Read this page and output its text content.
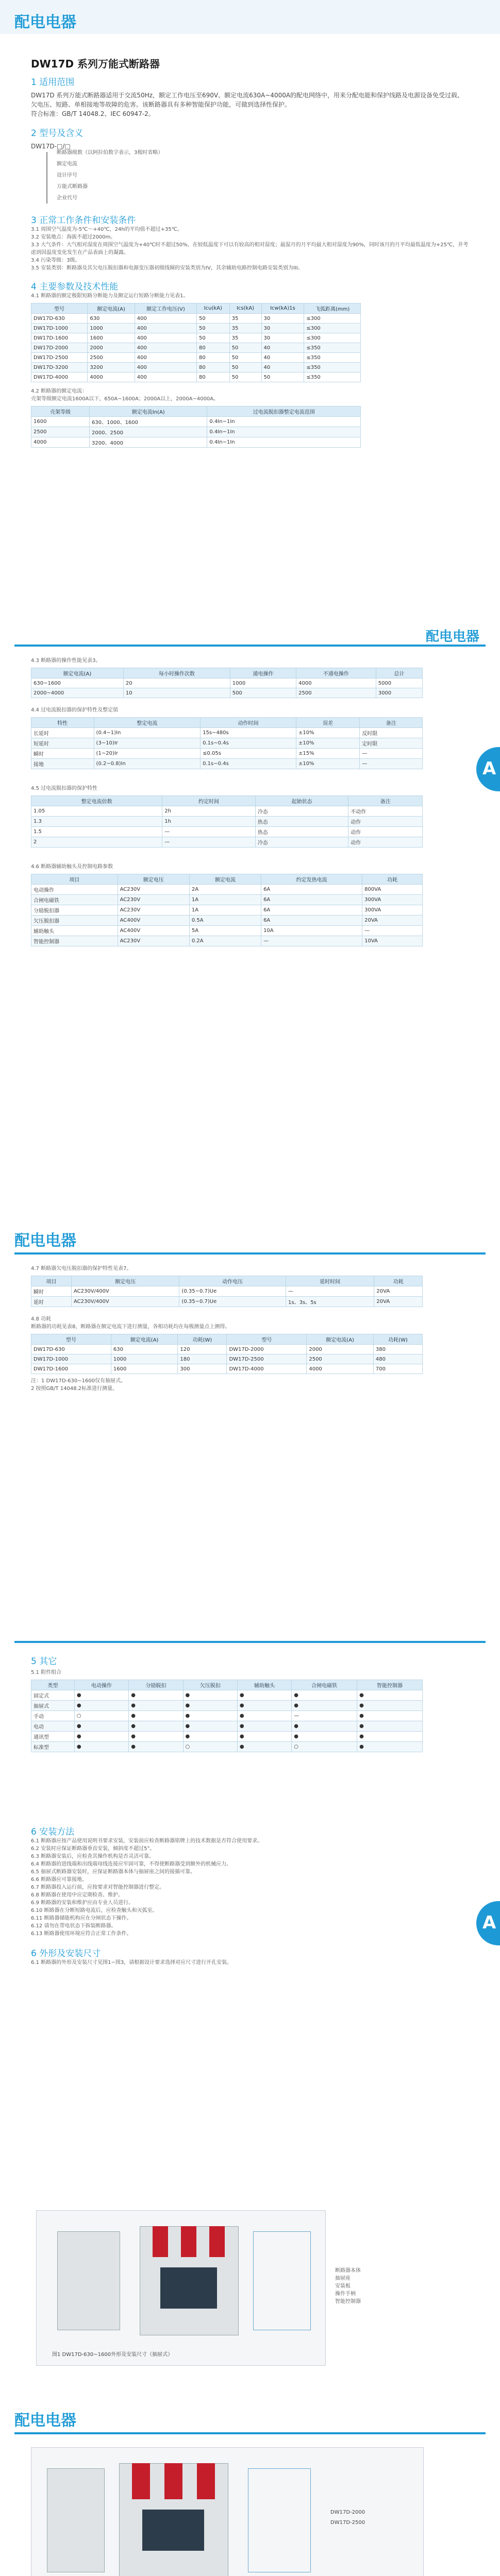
配电电器
DW17D 系列万能式断路器
1 适用范围
DW17D 系列万能式断路器适用于交流50Hz，额定工作电压至690V、额定电流630A~4000A的配电网络中，用来分配电能和保护线路及电源设备免受过载、欠电压、短路、单相接地等故障的危害。该断路器具有多种智能保护功能，可做到选择性保护。
符合标准：GB/T 14048.2、IEC 60947-2。
2 型号及含义
DW17D-□/□
断路器级数（以阿拉伯数字表示，3极时省略）
额定电流
设计序号
万能式断路器
企业代号
3 正常工作条件和安装条件
3.1 周围空气温度为-5℃～+40℃，24h的平均值不超过+35℃。
3.2 安装地点：海拔不超过2000m。
3.3 大气条件：大气相对湿度在周围空气温度为+40℃时不超过50%，在较低温度下可以有较高的相对湿度；最湿月的月平均最大相对湿度为90%，同时该月的月平均最低温度为+25℃，并考虑到因温度变化发生在产品表面上的凝露。
3.4 污染等级：3级。
3.5 安装类别：断路器及其欠电压脱扣器和电源变压器初级线圈的安装类别为IV，其余辅助电路控制电路安装类别为III。
4 主要参数及技术性能
4.1 断路器的额定极限短路分断能力及额定运行短路分断能力见表1。
型号	额定电流(A)	额定工作电压(V)	Icu(kA)	Ics(kA)	Icw(kA)1s	飞弧距离(mm)
DW17D-630	630	400	50	35	30	≤300
DW17D-1000	1000	400	50	35	30	≤300
DW17D-1600	1600	400	50	35	30	≤300
DW17D-2000	2000	400	80	50	40	≤350
DW17D-2500	2500	400	80	50	40	≤350
DW17D-3200	3200	400	80	50	40	≤350
DW17D-4000	4000	400	80	50	50	≤350
4.2 断路器的额定电流：
壳架等级额定电流1600A以下，650A~1600A；2000A以上，2000A~4000A。
壳架等级	额定电流In(A)	过电流脱扣器整定电流范围
1600	630、1000、1600	0.4In~1In
2500	2000、2500	0.4In~1In
4000	3200、4000	0.4In~1In
配电电器
A
4.3 断路器的操作性能见表3。
额定电流(A)	每小时操作次数	通电操作	不通电操作	总计
630~1600	20	1000	4000	5000
2000~4000	10	500	2500	3000
4.4 过电流脱扣器的保护特性及整定值
特性	整定电流	动作时间	误差	备注
长延时	(0.4~1)In	15s~480s	±10%	反时限
短延时	(3~10)Ir	0.1s~0.4s	±10%	定时限
瞬时	(1~20)Ir	≤0.05s	±15%	—
接地	(0.2~0.8)In	0.1s~0.4s	±10%	—
4.5 过电流脱扣器的保护特性
整定电流倍数	约定时间	起始状态	备注
1.05	2h	冷态	不动作
1.3	1h	热态	动作
1.5	—	热态	动作
2	—	冷态	动作
4.6 断路器辅助触头及控制电路参数
项目	额定电压	额定电流	约定发热电流	功耗
电动操作	AC230V	2A	6A	800VA
合闸电磁铁	AC230V	1A	6A	300VA
分励脱扣器	AC230V	1A	6A	300VA
欠压脱扣器	AC400V	0.5A	6A	20VA
辅助触头	AC400V	5A	10A	—
智能控制器	AC230V	0.2A	—	10VA
配电电器
4.7 断路器欠电压脱扣器的保护特性见表7。
项目	额定电压	动作电压	延时时间	功耗
瞬时	AC230V/400V	(0.35~0.7)Ue	—	20VA
延时	AC230V/400V	(0.35~0.7)Ue	1s、3s、5s	20VA
4.8 功耗
断路器的功耗见表8，断路器在额定电流下进行测量，各相功耗均在每极测量点上测得。
型号	额定电流(A)	功耗(W)	型号	额定电流(A)	功耗(W)
DW17D-630	630	120	DW17D-2000	2000	380
DW17D-1000	1000	180	DW17D-2500	2500	480
DW17D-1600	1600	300	DW17D-4000	4000	700
注：1 DW17D-630~1600仅有抽屉式。
2 按照GB/T 14048.2标准进行测量。
A
5 其它
5.1 附件组合
类型	电动操作	分励脱扣	欠压脱扣	辅助触头	合闸电磁铁	智能控制器
固定式	●	●	●	●	●	●
抽屉式	●	●	●	●	●	●
手动	○	●	●	●	—	●
电动	●	●	●	●	●	●
通讯型	●	●	●	●	●	●
标准型	●	●	○	●	○	●
6 安装方法
6.1 断路器应按产品使用说明书要求安装，安装前应检查断路器铭牌上的技术数据是否符合使用要求。
6.2 安装时应保证断路器垂直安装，倾斜度不超过5°。
6.3 断路器安装后，应检查其操作机构是否灵活可靠。
6.4 断路器的进线端和出线端母线连接应牢固可靠，不得使断路器受到额外的机械应力。
6.5 抽屉式断路器安装时，应保证断路器本体与抽屉座之间的接插可靠。
6.6 断路器应可靠接地。
6.7 断路器投入运行前，应按要求对智能控制器进行整定。
6.8 断路器在使用中应定期检查、维护。
6.9 断路器的安装和维护应由专业人员进行。
6.10 断路器在分断短路电流后，应检查触头和灭弧室。
6.11 断路器储能机构应在分闸状态下操作。
6.12 请勿在带电状态下拆装断路器。
6.13 断路器使用环境应符合正常工作条件。
6 外形及安装尺寸
6.1 断路器的外形及安装尺寸见图1~图3，请根据设计要求选择对应尺寸进行开孔安装。
图1 DW17D-630~1600外形及安装尺寸（抽屉式）
断路器本体
抽屉座
安装板
操作手柄
智能控制器
配电电器
DW17D-2000
DW17D-2500
